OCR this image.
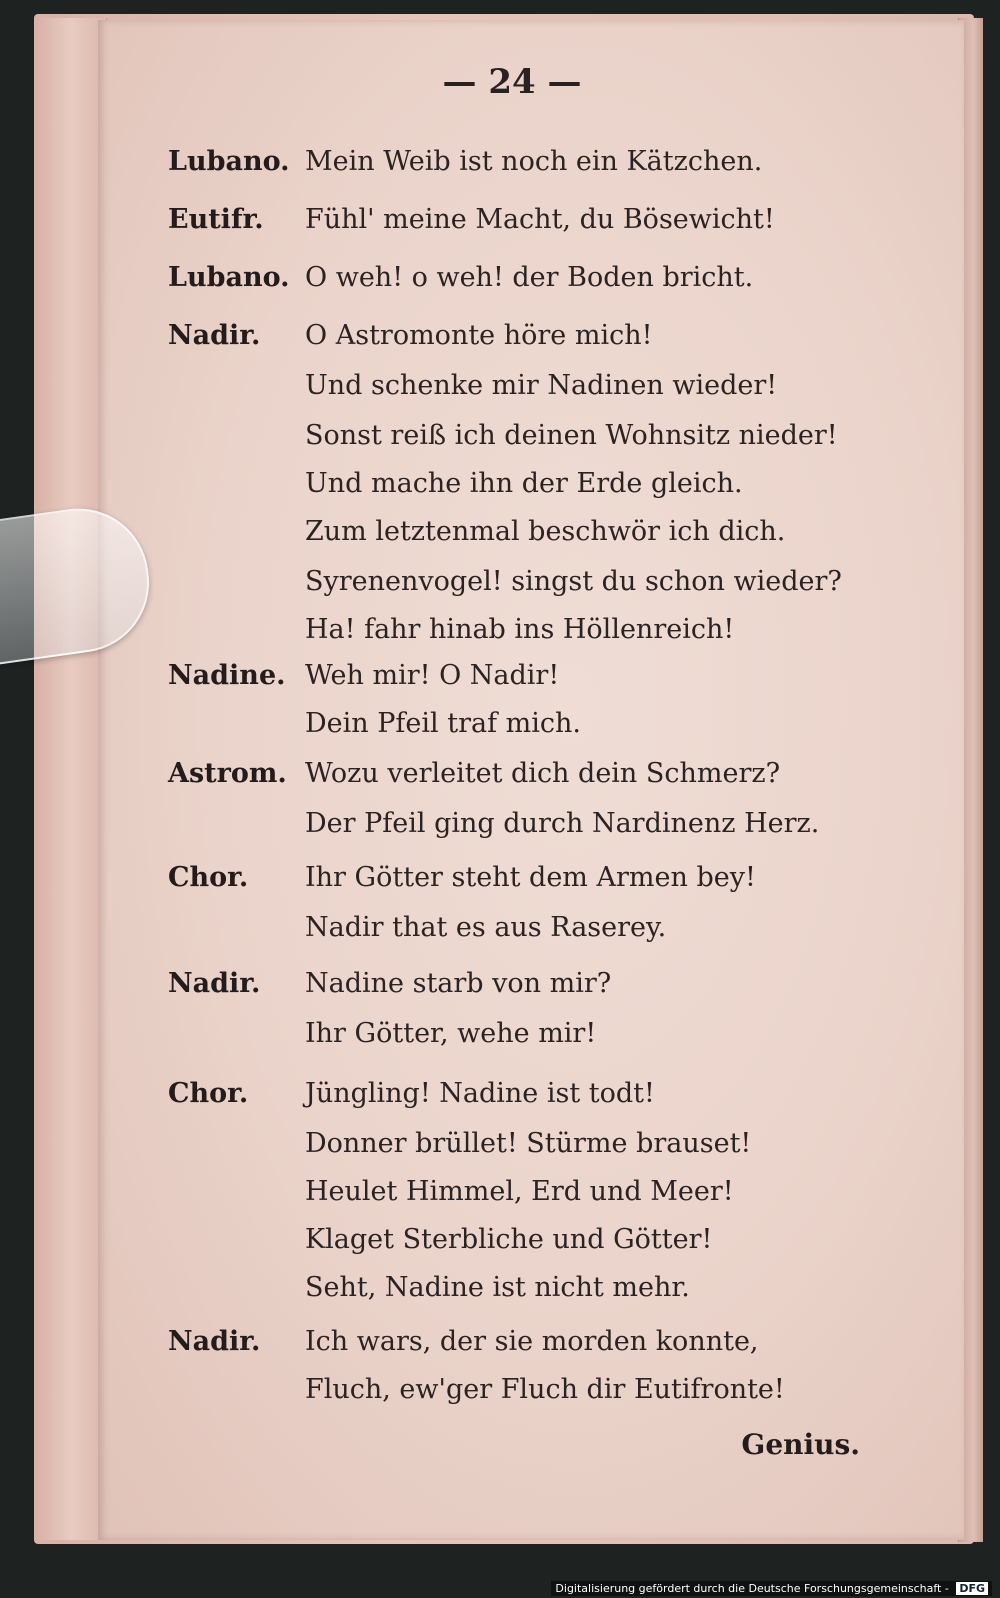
— 24 —
Lubano. Mein Weib ist noch ein Kätzchen.
Eutifr. Fühl' meine Macht, du Bösewicht!
Lubano. O weh! o weh! der Boden bricht.
Nadir. O Astromonte höre mich!
Und schenke mir Nadinen wieder!
Sonst reiß ich deinen Wohnsitz nieder!
Und mache ihn der Erde gleich.
Zum letztenmal beschwör ich dich.
Syrenenvogel! singst du schon wieder?
Ha! fahr hinab ins Höllenreich!
Nadine. Weh mir! O Nadir!
Dein Pfeil traf mich.
Astrom. Wozu verleitet dich dein Schmerz?
Der Pfeil ging durch Nardinenz Herz.
Chor. Ihr Götter steht dem Armen bey!
Nadir that es aus Raserey.
Nadir. Nadine starb von mir?
Ihr Götter, wehe mir!
Chor. Jüngling! Nadine ist todt!
Donner brüllet! Stürme brauset!
Heulet Himmel, Erd und Meer!
Klaget Sterbliche und Götter!
Seht, Nadine ist nicht mehr.
Nadir. Ich wars, der sie morden konnte,
Fluch, ew'ger Fluch dir Eutifronte!
Genius.
Digitalisierung gefördert durch die Deutsche Forschungsgemeinschaft - DFG
